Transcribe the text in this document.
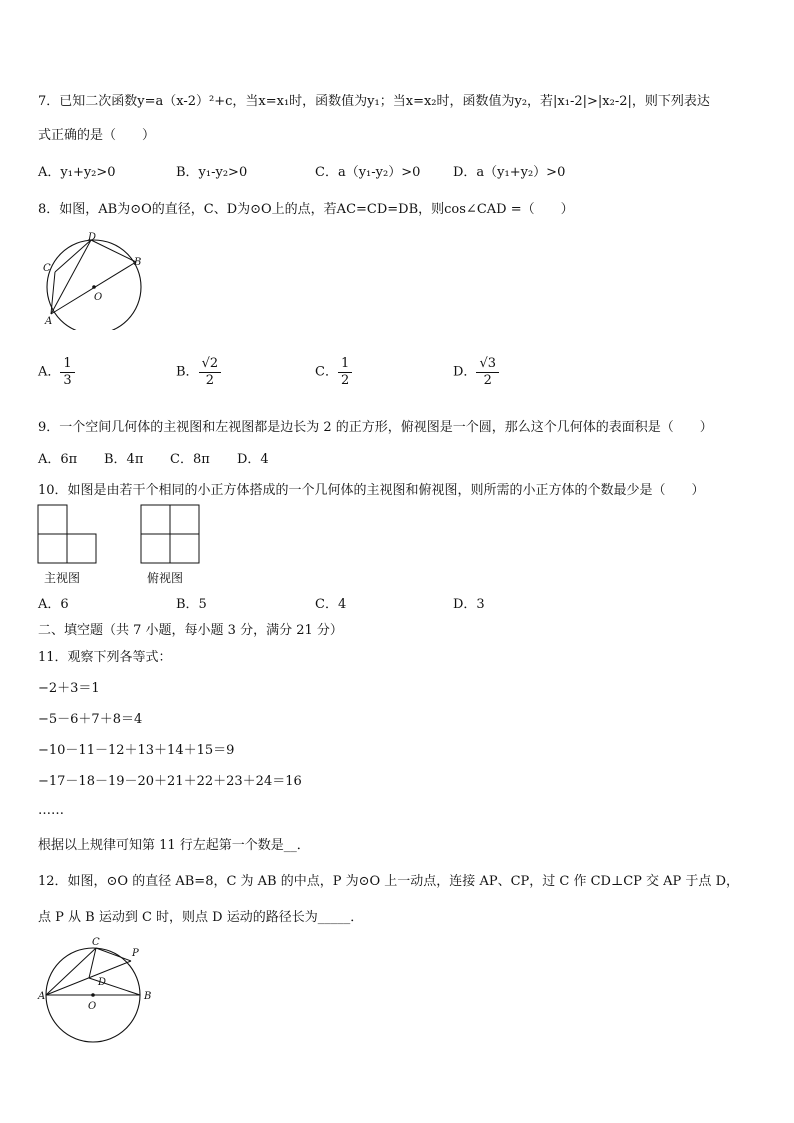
7．已知二次函数y=a（x-2）²+c，当x=x₁时，函数值为y₁；当x=x₂时，函数值为y₂，若|x₁-2|>|x₂-2|，则下列表达
式正确的是（　　）
A．y₁+y₂>0	B．y₁-y₂>0	C．a（y₁-y₂）>0	D．a（y₁+y₂）>0
8．如图，AB为⊙O的直径，C、D为⊙O上的点，若AC=CD=DB，则cos∠CAD =（　　）
A
B
C
D
O
A． $\frac{1}{3}$	B． $\frac{√2}{2}$	C． $\frac{1}{2}$	D． $\frac{√3}{2}$
9．一个空间几何体的主视图和左视图都是边长为 2 的正方形，俯视图是一个圆，那么这个几何体的表面积是（　　）
A．6π B．4π C．8π D．4
10．如图是由若干个相同的小正方体搭成的一个几何体的主视图和俯视图，则所需的小正方体的个数最少是（　　）
主视图	俯视图
A．6	B．5	C．4	D．3
二、填空题（共 7 小题，每小题 3 分，满分 21 分）
11．观察下列各等式：
−2＋3＝1
−5－6＋7＋8＝4
−10－11－12＋13＋14＋15＝9
−17－18－19－20＋21＋22＋23＋24＝16
……
根据以上规律可知第 11 行左起第一个数是__．
12．如图，⊙O 的直径 AB=8，C 为 AB 的中点，P 为⊙O 上一动点，连接 AP、CP，过 C 作 CD⊥CP 交 AP 于点 D，
点 P 从 B 运动到 C 时，则点 D 运动的路径长为_____．
A	B
C
D
O
P
